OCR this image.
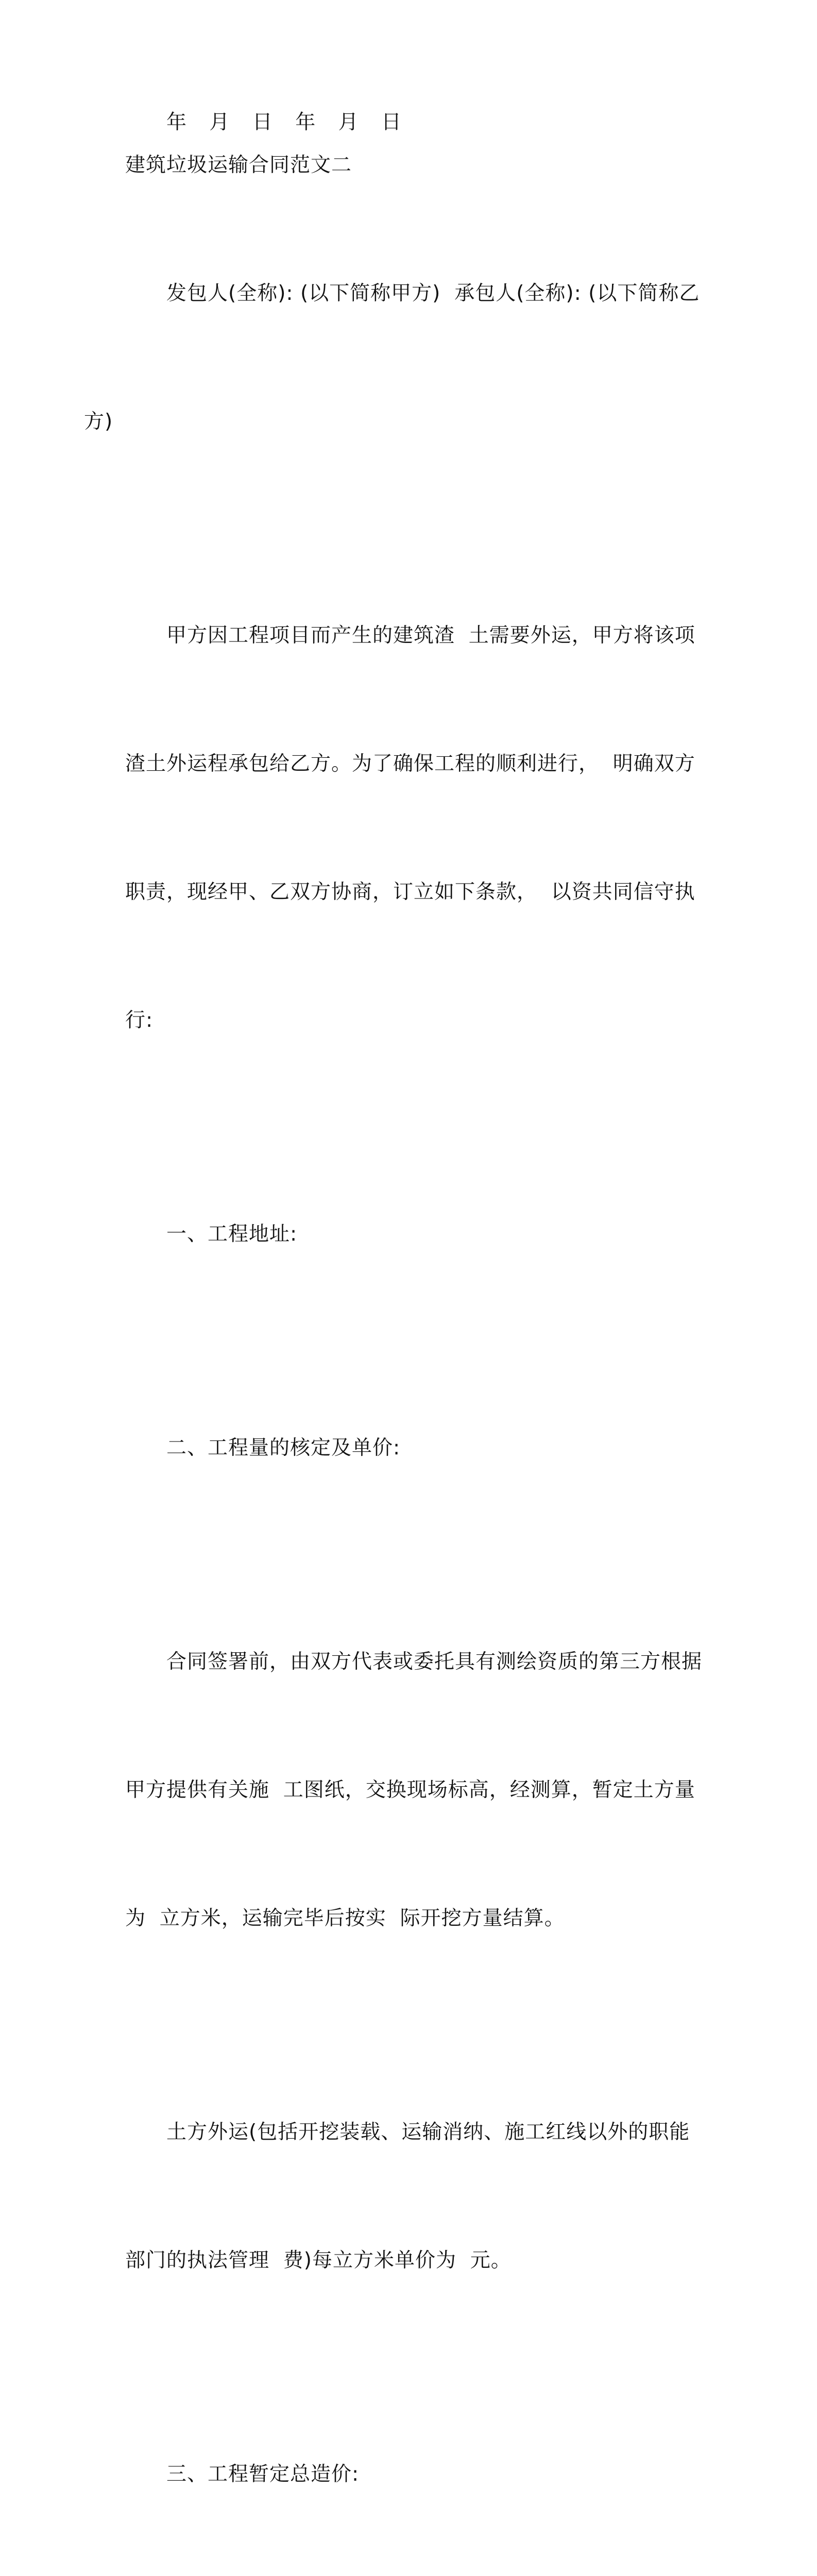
年 月 日 年 月 日

建筑垃圾运输合同范文二

发包人(全称): (以下简称甲方)  承包人(全称): (以下简称乙

方)

甲方因工程项目而产生的建筑渣  土需要外运，甲方将该项

渣土外运程承包给乙方。为了确保工程的顺利进行，  明确双方

职责，现经甲、乙双方协商，订立如下条款，  以资共同信守执

行:

一、工程地址:

二、工程量的核定及单价:

合同签署前，由双方代表或委托具有测绘资质的第三方根据

甲方提供有关施  工图纸，交换现场标高，经测算，暂定土方量

为  立方米，运输完毕后按实  际开挖方量结算。

土方外运(包括开挖装载、运输消纳、施工红线以外的职能

部门的执法管理  费)每立方米单价为  元。

三、工程暂定总造价:
